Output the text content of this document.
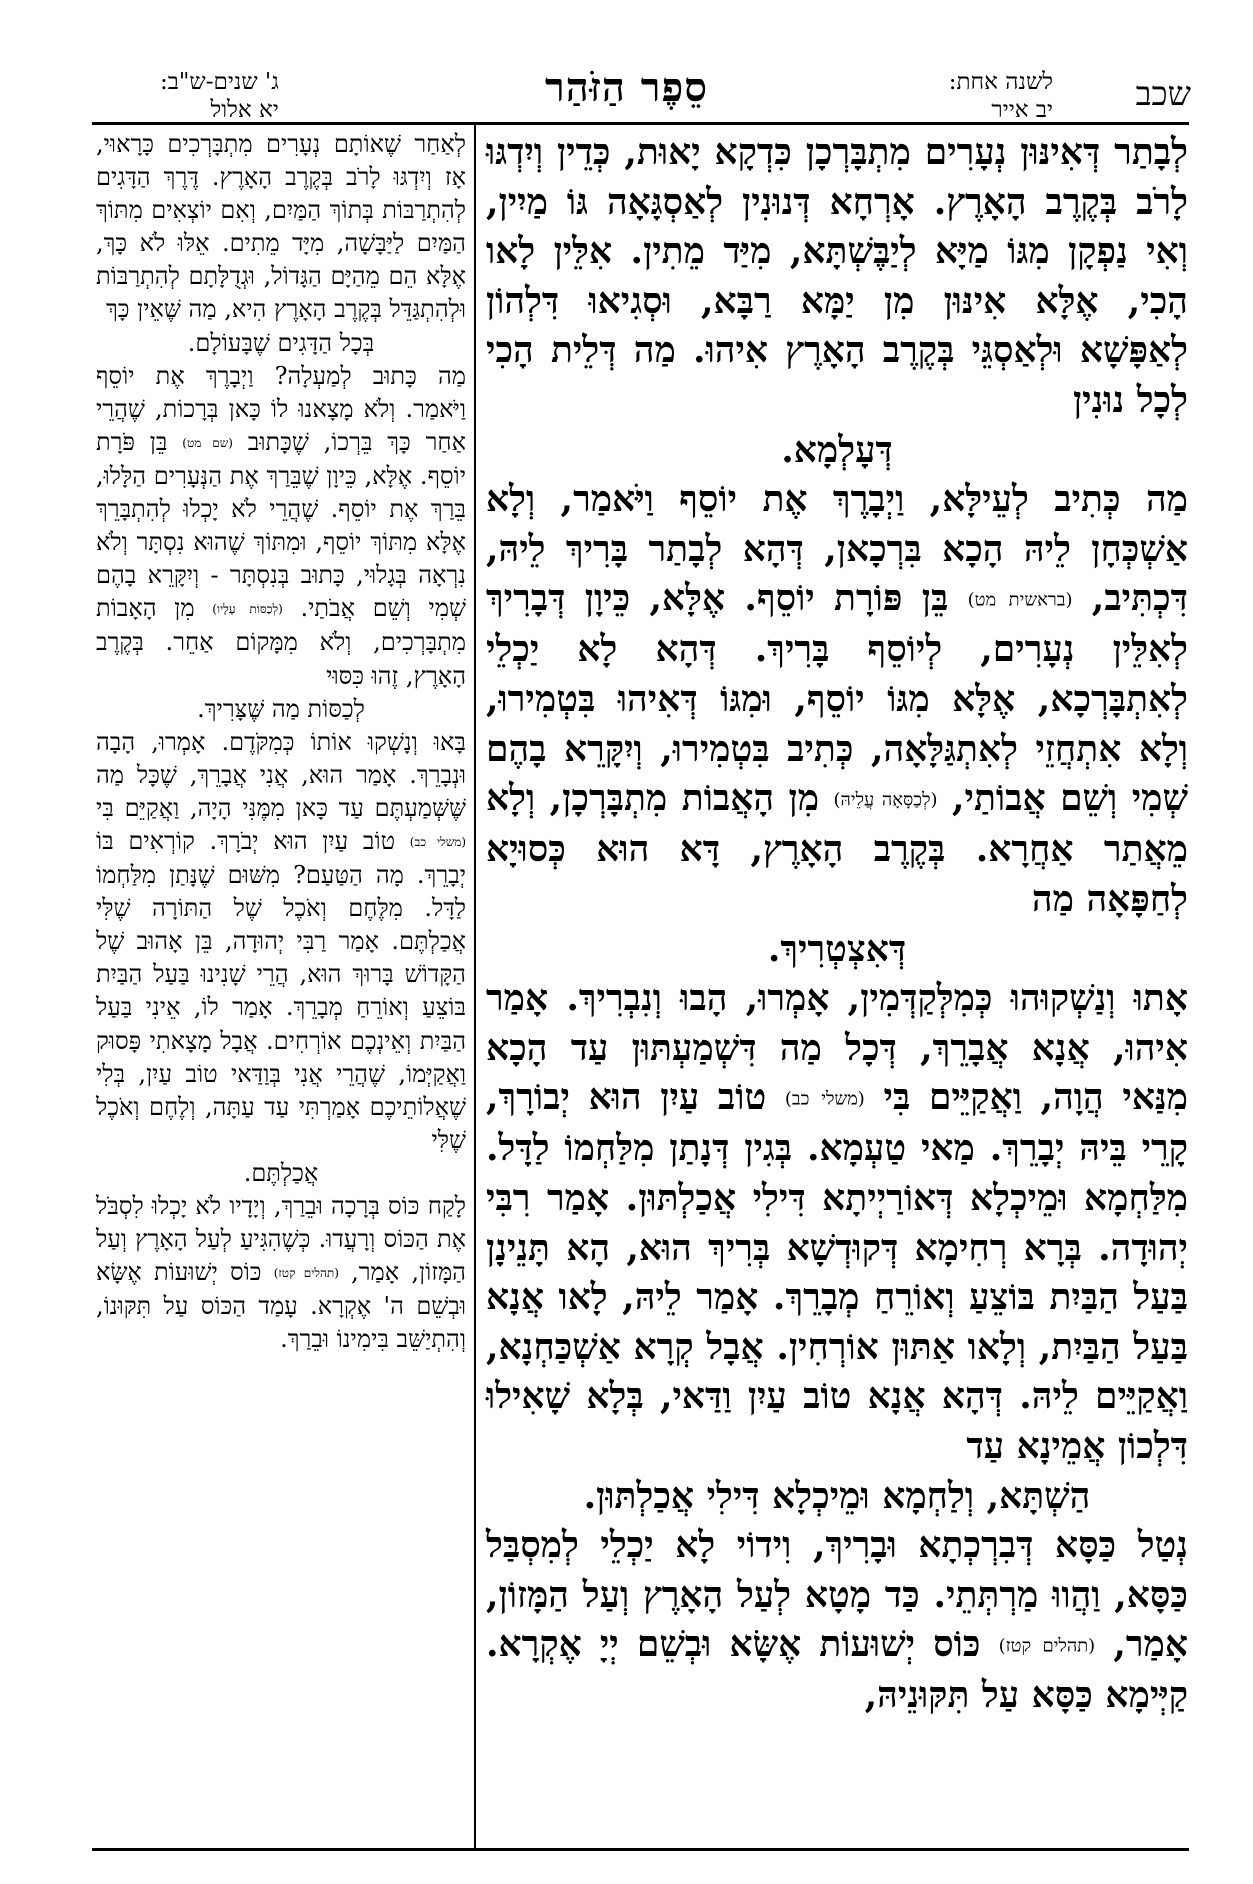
שכב
לשנה אחת:
יב אייר
סֵפֶר הַזֹּהַר
ג' שנים-ש"ב:
יא אלול

לְבָתַר דְּאִינּוּן נְעָרִים מִתְבָּרְכָן כִּדְקָא יָאוּת, כְּדֵין וְיִדְגּוּ לָרֹב בְּקֶרֶב הָאָרֶץ. אָרְחָא דְּנוּנִין לְאַסְגָּאָה גּוֹ מַיִין, וְאִי נַפְקָן מִגּוֹ מַיָּא לְיַבֶּשְׁתָּא, מִיַּד מֵתִין. אִלֵּין לָאו הָכִי, אֶלָּא אִינּוּן מִן יַמָּא רַבָּא, וּסְגִיאוּ דִּלְהוֹן לְאַפָּשָׁא וּלְאַסְגֵּי בְּקֶרֶב הָאָרֶץ אִיהוּ. מַה דְּלֵית הָכִי לְכָל נוּנִין

דְּעָלְמָא.

מַה כְּתִיב לְעֵילָּא, וַיְבָרֶךְ אֶת יוֹסֵף וַיֹּאמַר, וְלָא אַשְׁכְּחָן לֵיהּ הָכָא בִּרְכָאן, דְּהָא לְבָתַר בָּרִיךְ לֵיהּ, דִּכְתִּיב, (בראשית מט) בֵּן פּוֹרָת יוֹסֵף. אֶלָּא, כֵּיוָן דְּבָרִיךְ לְאִלֵּין נְעָרִים, לְיוֹסֵף בָּרִיךְ. דְּהָא לָא יַכְלֵי לְאִתְבָּרְכָא, אֶלָּא מִגּוֹ יוֹסֵף, וּמִגּוֹ דְּאִיהוּ בִּטְמִירוּ, וְלָא אִתְחֲזֵי לְאִתְגַּלָּאָה, כְּתִיב בִּטְמִירוּ, וְיִקָּרֵא בָהֶם שְׁמִי וְשֵׁם אֲבוֹתַי, (לְכַסָּאָה עֲלֵיהּ) מִן הָאֲבוֹת מִתְבָּרְכָן, וְלָא מֵאֲתַר אַחֲרָא. בְּקֶרֶב הָאָרֶץ, דָּא הוּא כְּסוּיָא לְחַפָּאָה מַה

דְּאִצְטְרִיךְ.

אָתוּ וְנַשְׁקוּהוּ כְּמִלְּקַדְּמִין, אָמְרוּ, הָבוּ וְנִבְרִיךְ. אָמַר אִיהוּ, אֲנָא אֲבָרֵךְ, דְּכָל מַה דִּשְׁמַעְתּוּן עַד הָכָא מִנַּאי הֲוָה, וַאֲקַיֵּים בִּי (משלי כב) טוֹב עַיִן הוּא יְבוֹרָךְ, קָרֵי בֵּיהּ יְבָרֵךְ. מַאי טַעְמָא. בְּגִין דְּנָתַן מִלַּחְמוֹ לַדָּל. מִלַּחְמָא וּמֵיכְלָא דְּאוֹרַיְיתָא דִּילִי אֲכַלְתּוּן. אָמַר רִבִּי יְהוּדָה. בְּרָא רְחִימָא דְּקוּדְשָׁא בְּרִיךְ הוּא, הָא תָּנֵינָן בַּעַל הַבַּיִת בּוֹצֵעַ וְאוֹרֵחַ מְבָרֵךְ. אָמַר לֵיהּ, לָאו אֲנָא בַּעַל הַבַּיִת, וְלָאו אַתּוּן אוֹרְחִין. אֲבָל קְרָא אַשְׁכַּחְנָא, וַאֲקַיֵּים לֵיהּ. דְּהָא אֲנָא טוֹב עַיִן וַדַּאי, בְּלָא שָׁאִילוּ דִּלְכוֹן אֲמֵינָא עַד

הַשְׁתָּא, וְלַחְמָא וּמֵיכְלָא דִּילִי אֲכַלְתּוּן.

נְטַל כַּסָּא דְּבִרְכְתָא וּבָרִיךְ, וִידוֹי לָא יַכְלֵי לְמִסְבַּל כַּסָּא, וַהֲווּ מַרְתְּתֵי. כַּד מָטָא לְעַל הָאָרֶץ וְעַל הַמָּזוֹן, אָמַר, (תהלים קטז) כּוֹס יְשׁוּעוֹת אֶשָּׂא וּבְשֵׁם יְיָ אֶקְרָא. קַיְּימָא כַּסָּא עַל תִּקּוּנֵיהּ,

לְאַחַר שֶׁאוֹתָם נְעָרִים מִתְבָּרְכִים כָּרָאוּי, אָז וְיִדְגּוּ לָרֹב בְּקֶרֶב הָאָרֶץ. דֶּרֶךְ הַדָּגִים לְהִתְרַבּוֹת בְּתוֹךְ הַמַּיִם, וְאִם יוֹצְאִים מִתּוֹךְ הַמַּיִם לַיַּבָּשָׁה, מִיָּד מֵתִים. אֵלּוּ לֹא כָּךְ, אֶלָּא הֵם מֵהַיָּם הַגָּדוֹל, וּגְדֻלָּתָם לְהִתְרַבּוֹת וּלְהִתְגַּדֵּל בְּקֶרֶב הָאָרֶץ הִיא, מַה שֶּׁאֵין כָּךְ

בְּכָל הַדָּגִים שֶׁבָּעוֹלָם.

מַה כָּתוּב לְמַעְלָה? וַיְבָרֶךְ אֶת יוֹסֵף וַיֹּאמַר. וְלֹא מָצָאנוּ לוֹ כָּאן בְּרָכוֹת, שֶׁהֲרֵי אַחַר כָּךְ בֵּרְכוֹ, שֶׁכָּתוּב (שם מט) בֵּן פֹּרָת יוֹסֵף. אֶלָּא, כֵּיוָן שֶׁבֵּרַךְ אֶת הַנְּעָרִים הַלָּלוּ, בֵּרַךְ אֶת יוֹסֵף. שֶׁהֲרֵי לֹא יָכְלוּ לְהִתְבָּרֵךְ אֶלָּא מִתּוֹךְ יוֹסֵף, וּמִתּוֹךְ שֶׁהוּא נִסְתָּר וְלֹא נִרְאָה בְּגָלוּי, כָּתוּב בְּנִסְתָּר - וְיִקָּרֵא בָהֶם שְׁמִי וְשֵׁם אֲבֹתַי. (לְכַסּוֹת עָלָיו) מִן הָאָבוֹת מִתְבָּרְכִים, וְלֹא מִמָּקוֹם אַחֵר. בְּקֶרֶב הָאָרֶץ, זֶהוּ כִּסּוּי

לְכַסּוֹת מַה שֶּׁצָּרִיךְ.

בָּאוּ וְנָשְׁקוּ אוֹתוֹ כְּמִקֹּדֶם. אָמְרוּ, הָבָה וּנְבָרֵךְ. אָמַר הוּא, אֲנִי אֲבָרֵךְ, שֶׁכָּל מַה שֶּׁשְּׁמַעְתֶּם עַד כָּאן מִמֶּנִּי הָיָה, וַאֲקַיֵּם בִּי (משלי כב) טוֹב עַיִן הוּא יְבֹרָךְ. קוֹרְאִים בּוֹ יְבָרֵךְ. מָה הַטַּעַם? מִשּׁוּם שֶׁנָּתַן מִלַּחְמוֹ לַדָּל. מִלֶּחֶם וְאֹכֶל שֶׁל הַתּוֹרָה שֶׁלִּי אֲכַלְתֶּם. אָמַר רַבִּי יְהוּדָה, בֵּן אָהוּב שֶׁל הַקָּדוֹשׁ בָּרוּךְ הוּא, הֲרֵי שָׁנִינוּ בַּעַל הַבַּיִת בּוֹצֵעַ וְאוֹרֵחַ מְבָרֵךְ. אָמַר לוֹ, אֵינִי בַּעַל הַבַּיִת וְאֵינְכֶם אוֹרְחִים. אֲבָל מָצָאתִי פָּסוּק וַאֲקַיְּמוֹ, שֶׁהֲרֵי אֲנִי בְּוַדַּאי טוֹב עַיִן, בְּלִי שֶׁאֲלוֹתֵיכֶם אָמַרְתִּי עַד עַתָּה, וְלֶחֶם וְאֹכֶל שֶׁלִּי

אֲכַלְתֶּם.

לָקַח כּוֹס בְּרָכָה וּבֵרַךְ, וְיָדָיו לֹא יָכְלוּ לִסְבֹּל אֶת הַכּוֹס וְרָעֲדוּ. כְּשֶׁהִגִּיעַ לְעַל הָאָרֶץ וְעַל הַמָּזוֹן, אָמַר, (תהלים קטז) כּוֹס יְשׁוּעוֹת אֶשָּׂא וּבְשֵׁם ה' אֶקְרָא. עָמַד הַכּוֹס עַל תִּקּוּנוֹ, וְהִתְיַשֵּׁב בִּימִינוֹ וּבֵרַךְ.
